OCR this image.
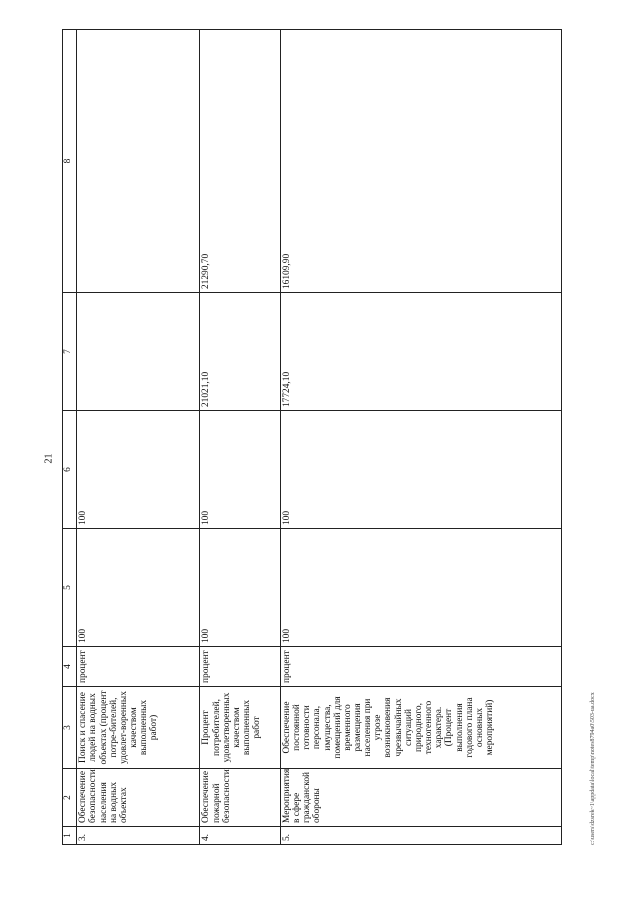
21
1	2	3	4	5	6	7	8
3.	Обеспечение безопасности населения на водных объектах	Поиск и спасение людей на водных объектах (процент потре-бителей, удовлет-воренных качеством выполненных работ)	процент	100	100		
4.	Обеспечение пожарной безопасности	Процент потребителей, удовлетворенных качеством выполненных работ	процент	100	100	21021,10	21290,70
5.	Мероприятия в сфере гражданской обороны	Обеспечение постоянной готовности персонала, имущества, помещений для временного размещения населения при угрозе возникновения чрезвычайных ситуаций природного, техногенного характера. (Процент выполнения годового плана основных мероприятий)	процент	100	100	17724,10	16109,90
c:\users\dzsrek~1\appdata\local\temp\notes8794a0\503-ua.docx
